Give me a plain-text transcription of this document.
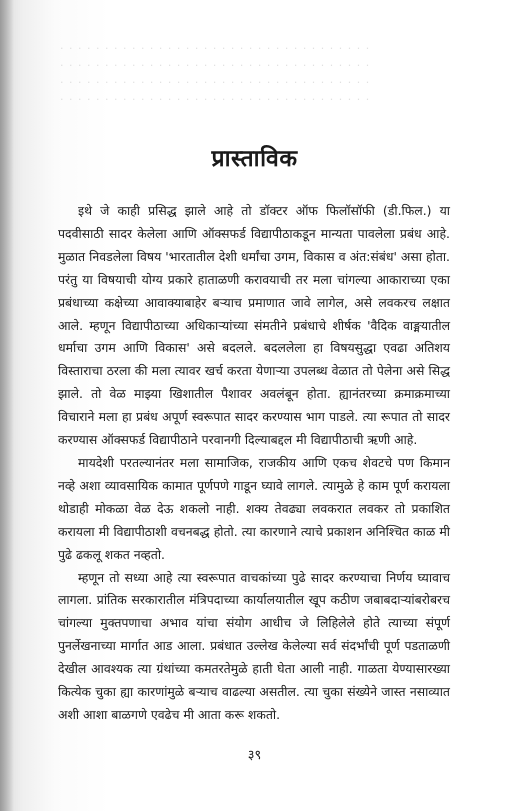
· · · · · · · · · · · · · · · · · · · · · · · · · · · · · · · · · · ·
· · · · · · · · · · · · · · · · · · · · · · · · · · · · · · · · · · ·
· · · · · · · · · · · · · · · · · · · · · · · · · · · · · · · · · · ·
· · · · · · · · · · · · · · · · · · · · · · · · · · · · · · · · · · ·
प्रास्ताविक

इथे जे काही प्रसिद्ध झाले आहे तो डॉक्टर ऑफ फिलॉसॉफी (डी.फिल.) या पदवीसाठी सादर केलेला आणि ऑक्सफर्ड विद्यापीठाकडून मान्यता पावलेला प्रबंध आहे. मुळात निवडलेला विषय 'भारतातील देशी धर्मांचा उगम, विकास व अंत:संबंध' असा होता. परंतु या विषयाची योग्य प्रकारे हाताळणी करावयाची तर मला चांगल्या आकाराच्या एका प्रबंधाच्या कक्षेच्या आवाक्याबाहेर बऱ्याच प्रमाणात जावे लागेल, असे लवकरच लक्षात आले. म्हणून विद्यापीठाच्या अधिकाऱ्यांच्या संमतीने प्रबंधाचे शीर्षक 'वैदिक वाङ्मयातील धर्माचा उगम आणि विकास' असे बदलले. बदललेला हा विषयसुद्धा एवढा अतिशय विस्ताराचा ठरला की मला त्यावर खर्च करता येणाऱ्या उपलब्ध वेळात तो पेलेना असे सिद्ध झाले. तो वेळ माझ्या खिशातील पैशावर अवलंबून होता. ह्यानंतरच्या क्रमाक्रमाच्या विचाराने मला हा प्रबंध अपूर्ण स्वरूपात सादर करण्यास भाग पाडले. त्या रूपात तो सादर करण्यास ऑक्सफर्ड विद्यापीठाने परवानगी दिल्याबद्दल मी विद्यापीठाची ऋणी आहे.

मायदेशी परतल्यानंतर मला सामाजिक, राजकीय आणि एकच शेवटचे पण किमान नव्हे अशा व्यावसायिक कामात पूर्णपणे गाडून घ्यावे लागले. त्यामुळे हे काम पूर्ण करायला थोडाही मोकळा वेळ देऊ शकलो नाही. शक्य तेवढ्या लवकरात लवकर तो प्रकाशित करायला मी विद्यापीठाशी वचनबद्ध होतो. त्या कारणाने त्याचे प्रकाशन अनिश्चित काळ मी पुढे ढकलू शकत नव्हतो.

म्हणून तो सध्या आहे त्या स्वरूपात वाचकांच्या पुढे सादर करण्याचा निर्णय घ्यावाच लागला. प्रांतिक सरकारातील मंत्रिपदाच्या कार्यालयातील खूप कठीण जबाबदाऱ्यांबरोबरच चांगल्या मुक्तपणाचा अभाव यांचा संयोग आधीच जे लिहिलेले होते त्याच्या संपूर्ण पुनर्लेखनाच्या मार्गात आड आला. प्रबंधात उल्लेख केलेल्या सर्व संदर्भांची पूर्ण पडताळणी देखील आवश्यक त्या ग्रंथांच्या कमतरतेमुळे हाती घेता आली नाही. गाळता येण्यासारख्या कित्येक चुका ह्या कारणांमुळे बऱ्याच वाढल्या असतील. त्या चुका संख्येने जास्त नसाव्यात अशी आशा बाळगणे एवढेच मी आता करू शकतो.

३९
